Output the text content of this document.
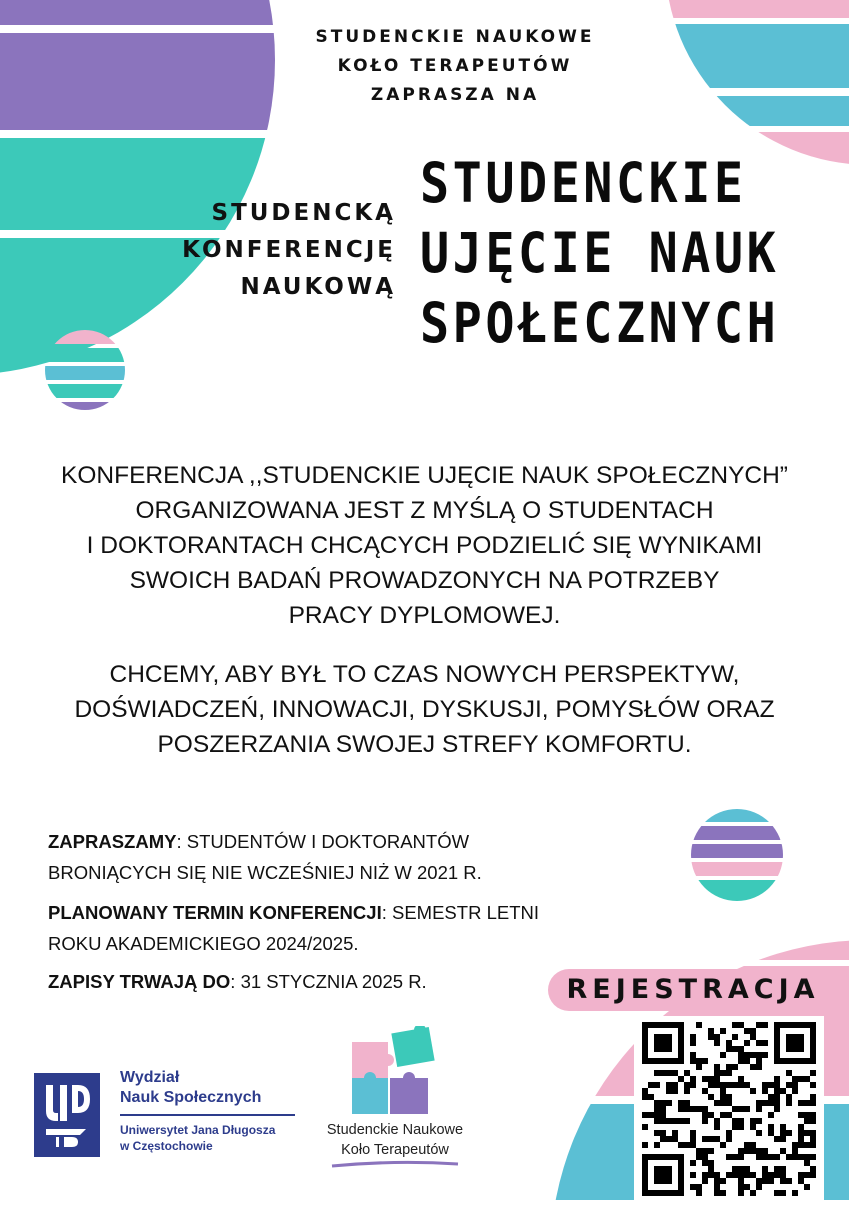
STUDENCKIE NAUKOWE
KOŁO TERAPEUTÓW
ZAPRASZA NA
STUDENCKĄ
KONFERENCJĘ
NAUKOWĄ
STUDENCKIE
UJĘCIE NAUK
SPOŁECZNYCH
KONFERENCJA ,,STUDENCKIE UJĘCIE NAUK SPOŁECZNYCH”
ORGANIZOWANA JEST Z MYŚLĄ O STUDENTACH
I DOKTORANTACH CHCĄCYCH PODZIELIĆ SIĘ WYNIKAMI
SWOICH BADAŃ PROWADZONYCH NA POTRZEBY
PRACY DYPLOMOWEJ.
CHCEMY, ABY BYŁ TO CZAS NOWYCH PERSPEKTYW,
DOŚWIADCZEŃ, INNOWACJI, DYSKUSJI, POMYSŁÓW ORAZ
POSZERZANIA SWOJEJ STREFY KOMFORTU.
ZAPRASZAMY: STUDENTÓW I DOKTORANTÓW
BRONIĄCYCH SIĘ NIE WCZEŚNIEJ NIŻ W 2021 R.
PLANOWANY TERMIN KONFERENCJI: SEMESTR LETNI
ROKU AKADEMICKIEGO 2024/2025.
ZAPISY TRWAJĄ DO: 31 STYCZNIA 2025 R.	REJESTRACJA
Wydział
Nauk Społecznych
Uniwersytet Jana Długosza
w Częstochowie
Studenckie Naukowe
Koło Terapeutów
